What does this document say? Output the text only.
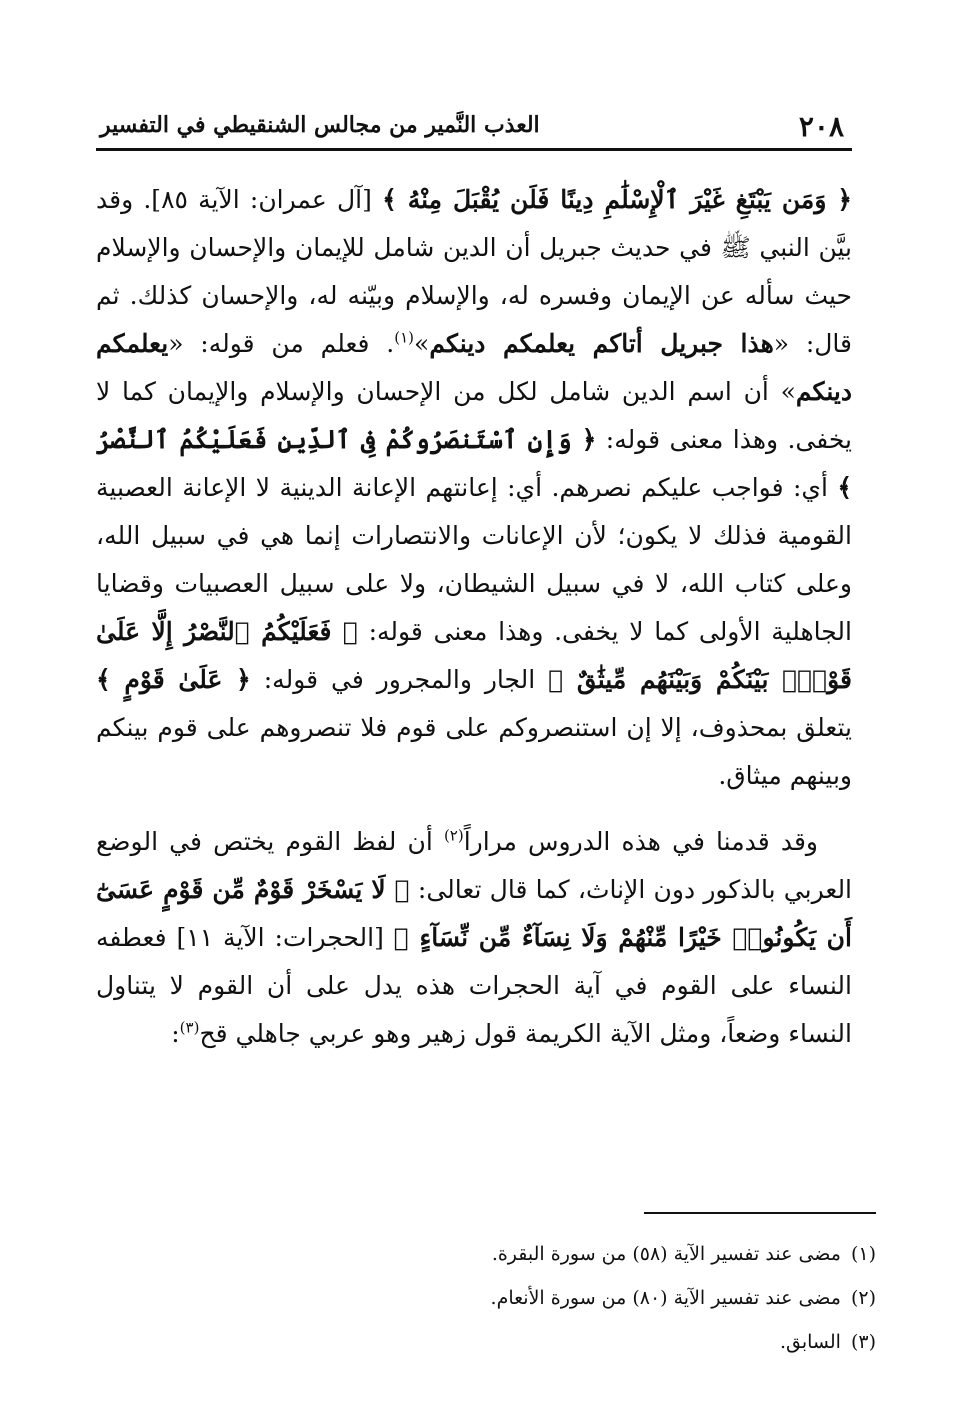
٢٠٨
العذب النَّمير من مجالس الشنقيطي في التفسير

﴿ وَمَن يَبْتَغِ غَيْرَ ٱلْإِسْلَٰمِ دِينًا فَلَن يُقْبَلَ مِنْهُ ﴾ [آل عمران: الآية ٨٥]. وقد بيَّن النبي ﷺ في حديث جبريل أن الدين شامل للإيمان والإحسان والإسلام حيث سأله عن الإيمان وفسره له، والإسلام وبيّنه له، والإحسان كذلك. ثم قال: «هذا جبريل أتاكم يعلمكم دينكم»$^{(١)}$. فعلم من قوله: «يعلمكم دينكم» أن اسم الدين شامل لكل من الإحسان والإسلام والإيمان كما لا يخفى. وهذا معنى قوله: ﴿ وَإِنِ ٱسْتَنصَرُوكُمْ فِى ٱلدِّينِ فَعَلَيْكُمُ ٱلنَّصْرُ ﴾ أي: فواجب عليكم نصرهم. أي: إعانتهم الإعانة الدينية لا الإعانة العصبية القومية فذلك لا يكون؛ لأن الإعانات والانتصارات إنما هي في سبيل الله، وعلى كتاب الله، لا في سبيل الشيطان، ولا على سبيل العصبيات وقضايا الجاهلية الأولى كما لا يخفى. وهذا معنى قوله: ﴿ فَعَلَيْكُمُ ٱلنَّصْرُ إِلَّا عَلَىٰ قَوْمٍۭ بَيْنَكُمْ وَبَيْنَهُم مِّيثَٰقٌ ﴾ الجار والمجرور في قوله: ﴿ عَلَىٰ قَوْمٍ ﴾ يتعلق بمحذوف، إلا إن استنصروكم على قوم فلا تنصروهم على قوم بينكم وبينهم ميثاق.

وقد قدمنا في هذه الدروس مراراً$^{(٢)}$ أن لفظ القوم يختص في الوضع العربي بالذكور دون الإناث، كما قال تعالى: ﴿ لَا يَسْخَرْ قَوْمٌ مِّن قَوْمٍ عَسَىٰٓ أَن يَكُونُوا۟ خَيْرًا مِّنْهُمْ وَلَا نِسَآءٌ مِّن نِّسَآءٍ ﴾ [الحجرات: الآية ١١] فعطفه النساء على القوم في آية الحجرات هذه يدل على أن القوم لا يتناول النساء وضعاً، ومثل الآية الكريمة قول زهير وهو عربي جاهلي قح$^{(٣)}$:

(١)مضى عند تفسير الآية (٥٨) من سورة البقرة.
(٢)مضى عند تفسير الآية (٨٠) من سورة الأنعام.
(٣)السابق.
